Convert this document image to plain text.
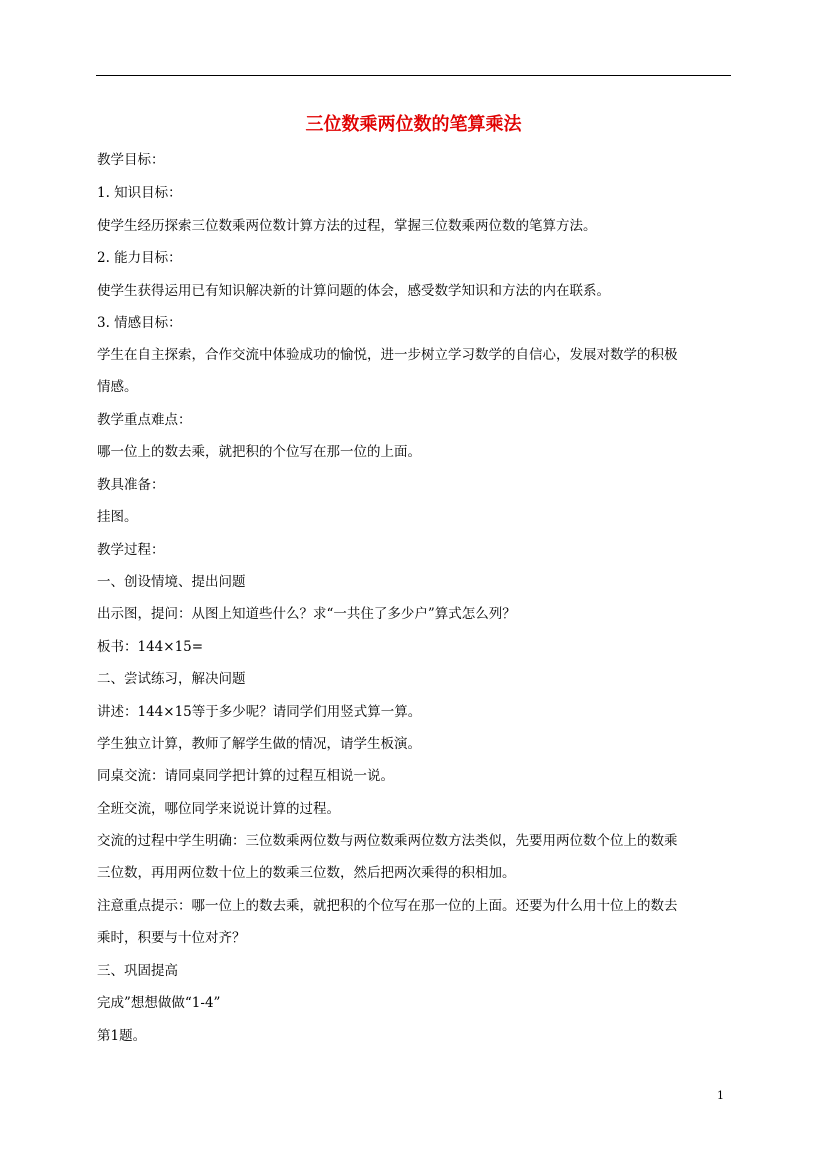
三位数乘两位数的笔算乘法
教学目标：
1. 知识目标：
使学生经历探索三位数乘两位数计算方法的过程，掌握三位数乘两位数的笔算方法。
2. 能力目标：
使学生获得运用已有知识解决新的计算问题的体会，感受数学知识和方法的内在联系。
3. 情感目标：
学生在自主探索，合作交流中体验成功的愉悦，进一步树立学习数学的自信心，发展对数学的积极
情感。
教学重点难点：
哪一位上的数去乘，就把积的个位写在那一位的上面。
教具准备：
挂图。
教学过程：
一、创设情境、提出问题
出示图，提问：从图上知道些什么？求“一共住了多少户”算式怎么列？
板书：144×15=
二、尝试练习，解决问题
讲述：144×15等于多少呢？请同学们用竖式算一算。
学生独立计算，教师了解学生做的情况，请学生板演。
同桌交流：请同桌同学把计算的过程互相说一说。
全班交流，哪位同学来说说计算的过程。
交流的过程中学生明确：三位数乘两位数与两位数乘两位数方法类似，先要用两位数个位上的数乘
三位数，再用两位数十位上的数乘三位数，然后把两次乘得的积相加。
注意重点提示：哪一位上的数去乘，就把积的个位写在那一位的上面。还要为什么用十位上的数去
乘时，积要与十位对齐？
三、巩固提高
完成”想想做做“1-4”
第1题。
1
